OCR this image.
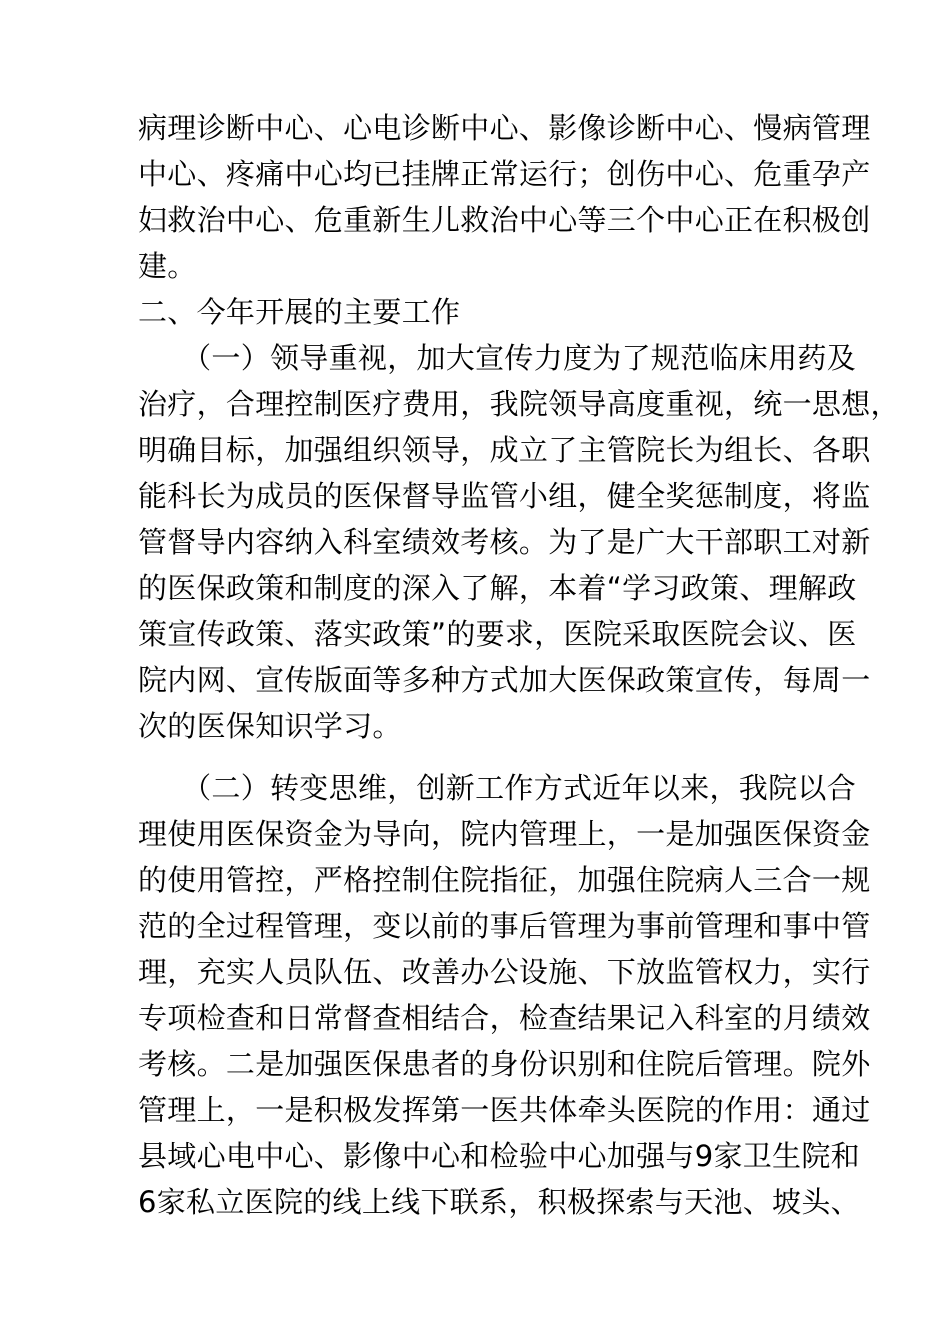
病理诊断中心、心电诊断中心、影像诊断中心、慢病管理
中心、疼痛中心均已挂牌正常运行；创伤中心、危重孕产
妇救治中心、危重新生儿救治中心等三个中心正在积极创
建。
二、今年开展的主要工作
　　（一）领导重视，加大宣传力度为了规范临床用药及
治疗，合理控制医疗费用，我院领导高度重视，统一思想，
明确目标，加强组织领导，成立了主管院长为组长、各职
能科长为成员的医保督导监管小组，健全奖惩制度，将监
管督导内容纳入科室绩效考核。为了是广大干部职工对新
的医保政策和制度的深入了解，本着“学习政策、理解政
策宣传政策、落实政策”的要求，医院采取医院会议、医
院内网、宣传版面等多种方式加大医保政策宣传，每周一
次的医保知识学习。
　　（二）转变思维，创新工作方式近年以来，我院以合
理使用医保资金为导向，院内管理上，一是加强医保资金
的使用管控，严格控制住院指征，加强住院病人三合一规
范的全过程管理，变以前的事后管理为事前管理和事中管
理，充实人员队伍、改善办公设施、下放监管权力，实行
专项检查和日常督查相结合，检查结果记入科室的月绩效
考核。二是加强医保患者的身份识别和住院后管理。院外
管理上，一是积极发挥第一医共体牵头医院的作用：通过
县域心电中心、影像中心和检验中心加强与9家卫生院和
6家私立医院的线上线下联系，积极探索与天池、坡头、
